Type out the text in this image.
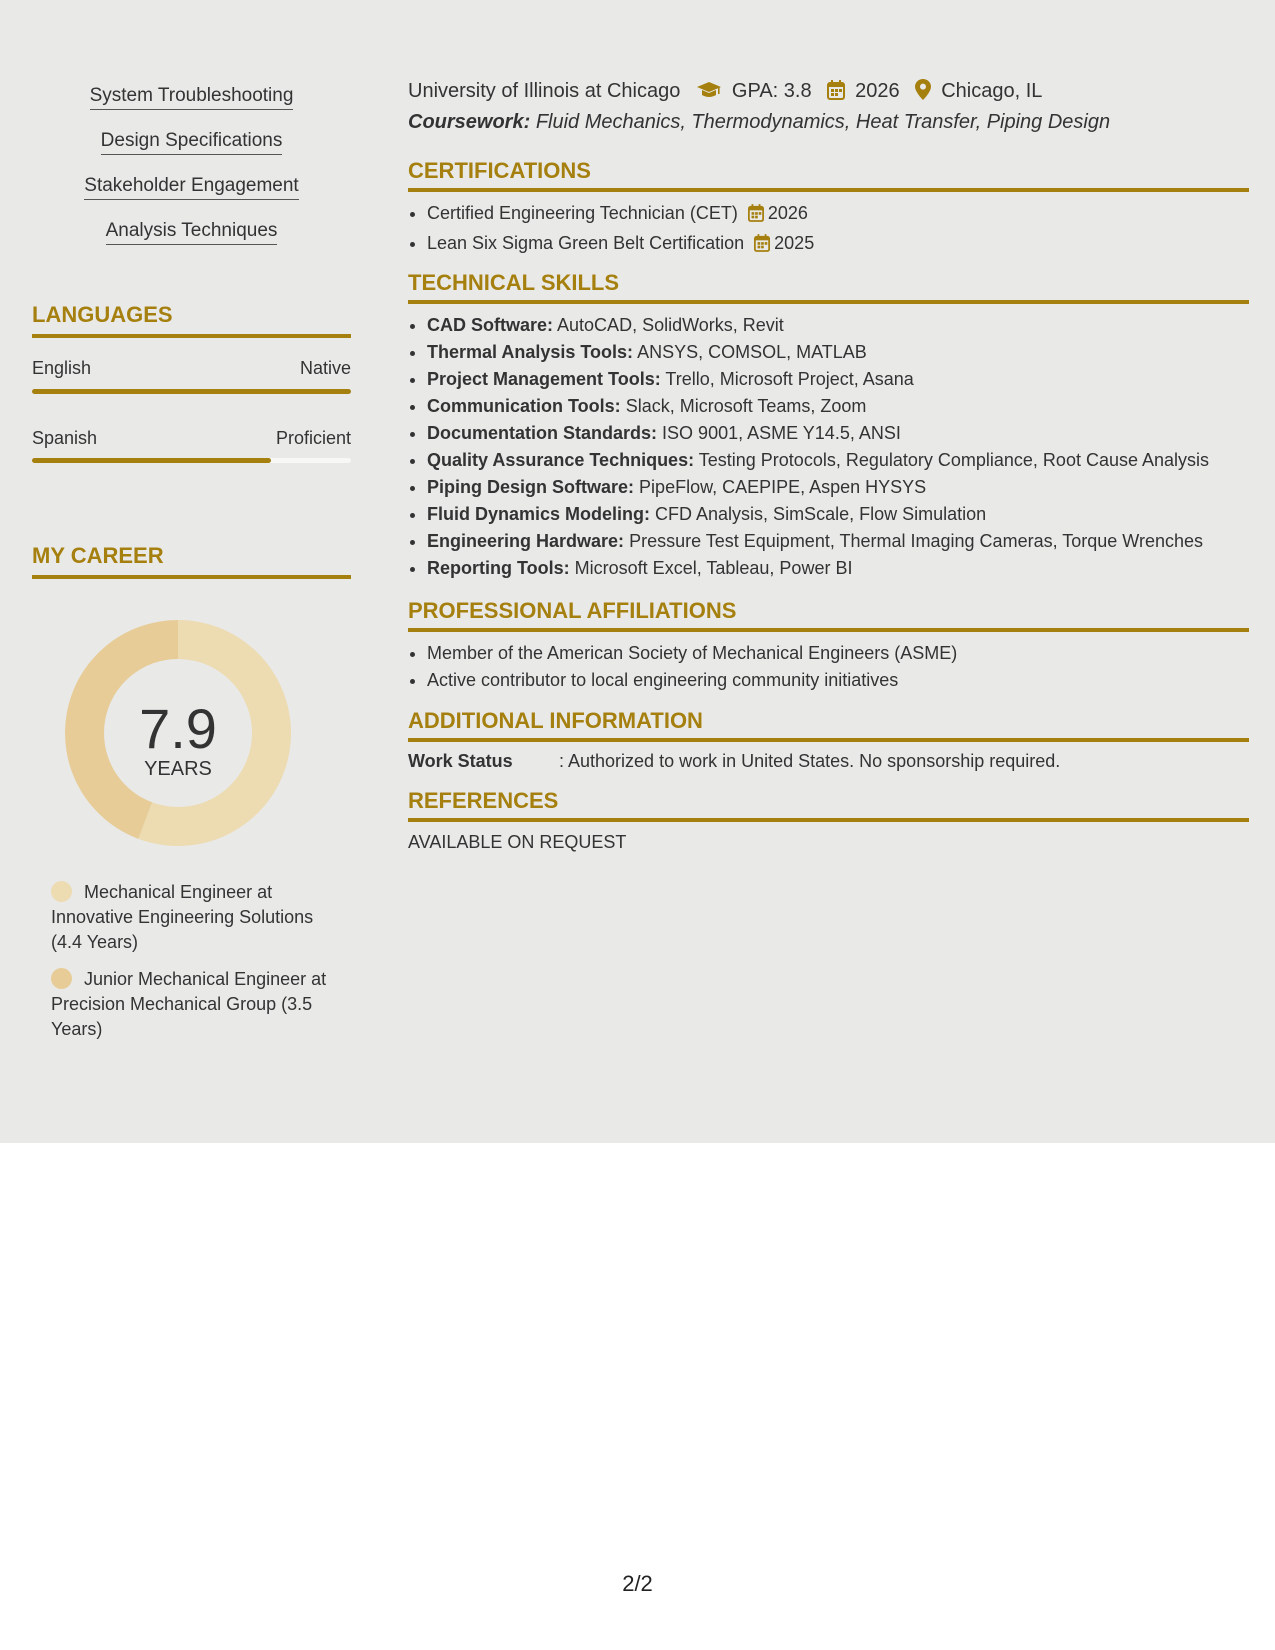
System Troubleshooting
Design Specifications
Stakeholder Engagement
Analysis Techniques
LANGUAGES
English	Native
Spanish	Proficient
MY CAREER
7.9
YEARS
Mechanical Engineer at Innovative Engineering Solutions (4.4 Years)
Junior Mechanical Engineer at Precision Mechanical Group (3.5 Years)
University of Illinois at Chicago	GPA: 3.8 2026 Chicago, IL
Coursework: Fluid Mechanics, Thermodynamics, Heat Transfer, Piping Design
CERTIFICATIONS
• Certified Engineering Technician (CET) 2026
• Lean Six Sigma Green Belt Certification 2025
TECHNICAL SKILLS
• CAD Software: AutoCAD, SolidWorks, Revit
• Thermal Analysis Tools: ANSYS, COMSOL, MATLAB
• Project Management Tools: Trello, Microsoft Project, Asana
• Communication Tools: Slack, Microsoft Teams, Zoom
• Documentation Standards: ISO 9001, ASME Y14.5, ANSI
• Quality Assurance Techniques: Testing Protocols, Regulatory Compliance, Root Cause Analysis
• Piping Design Software: PipeFlow, CAEPIPE, Aspen HYSYS
• Fluid Dynamics Modeling: CFD Analysis, SimScale, Flow Simulation
• Engineering Hardware: Pressure Test Equipment, Thermal Imaging Cameras, Torque Wrenches
• Reporting Tools: Microsoft Excel, Tableau, Power BI
PROFESSIONAL AFFILIATIONS
• Member of the American Society of Mechanical Engineers (ASME)
• Active contributor to local engineering community initiatives
ADDITIONAL INFORMATION
Work Status	: Authorized to work in United States. No sponsorship required.
REFERENCES
AVAILABLE ON REQUEST
2/2
